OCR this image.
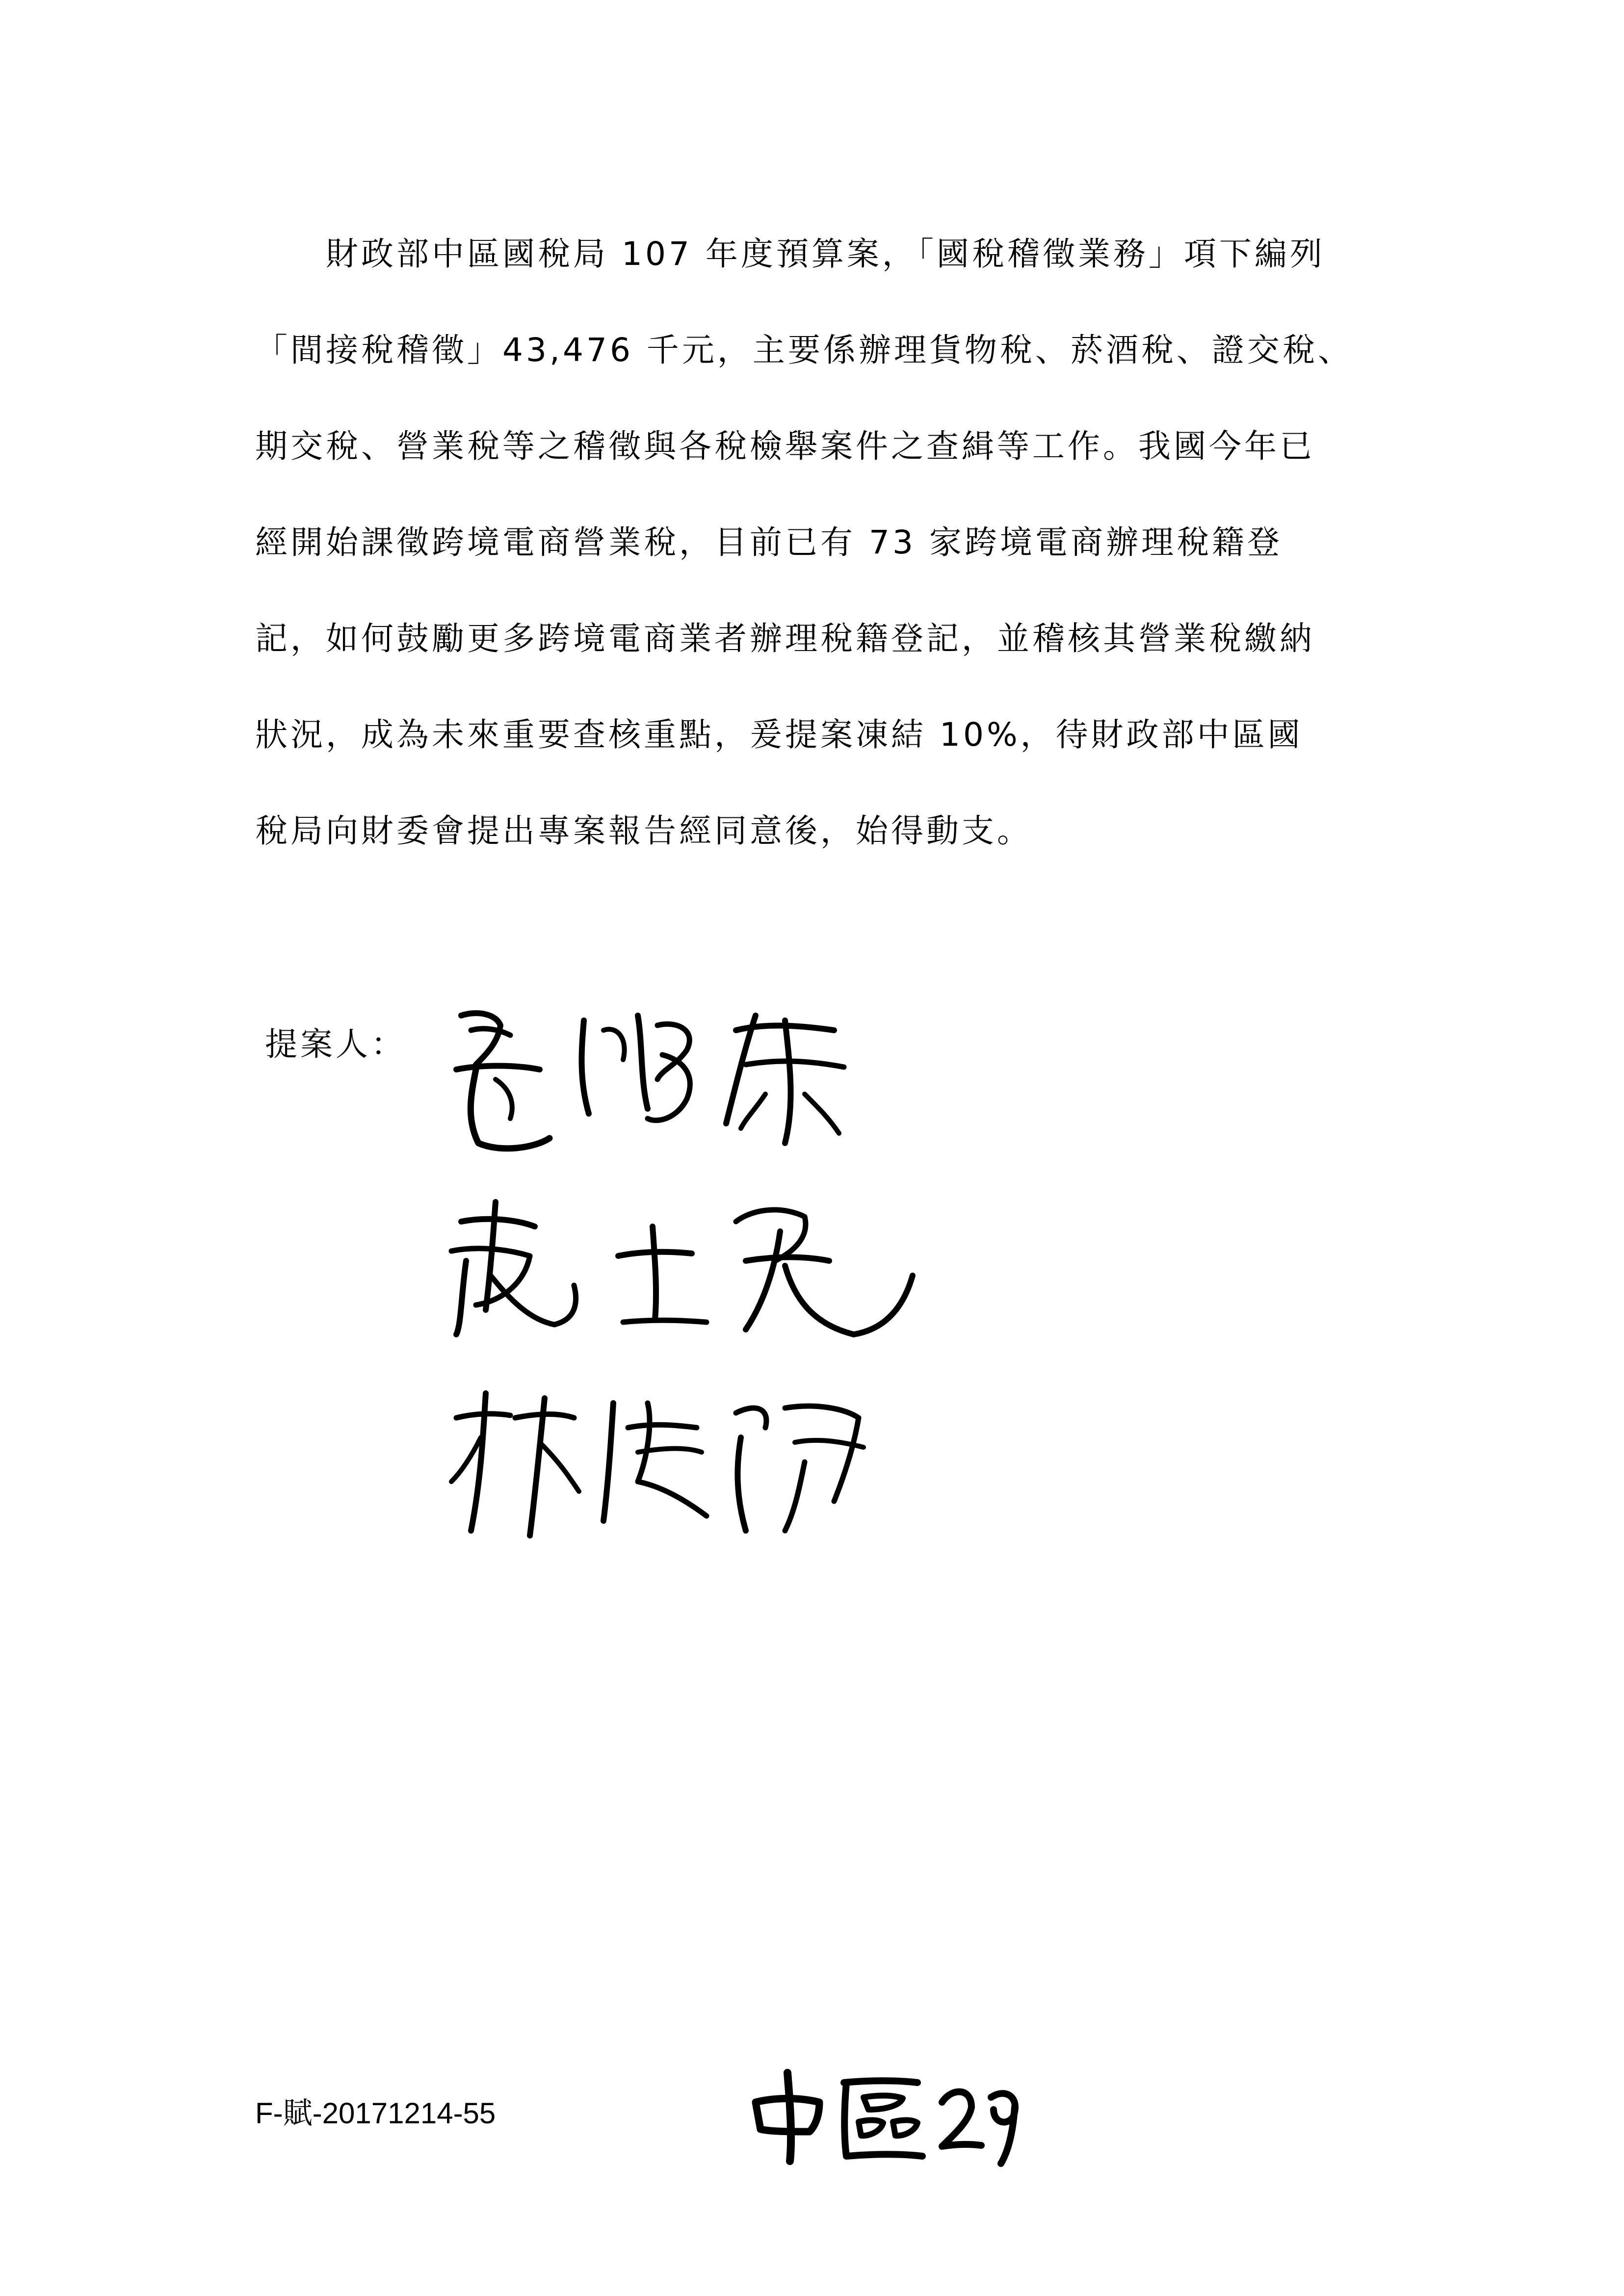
　　財政部中區國稅局 107 年度預算案，「國稅稽徵業務」項下編列
「間接稅稽徵」43,476 千元，主要係辦理貨物稅、菸酒稅、證交稅、
期交稅、營業稅等之稽徵與各稅檢舉案件之查緝等工作。我國今年已
經開始課徵跨境電商營業稅，目前已有 73 家跨境電商辦理稅籍登
記，如何鼓勵更多跨境電商業者辦理稅籍登記，並稽核其營業稅繳納
狀況，成為未來重要查核重點，爰提案凍結 10%，待財政部中區國
稅局向財委會提出專案報告經同意後，始得動支。
提案人：
F-賦-20171214-55
